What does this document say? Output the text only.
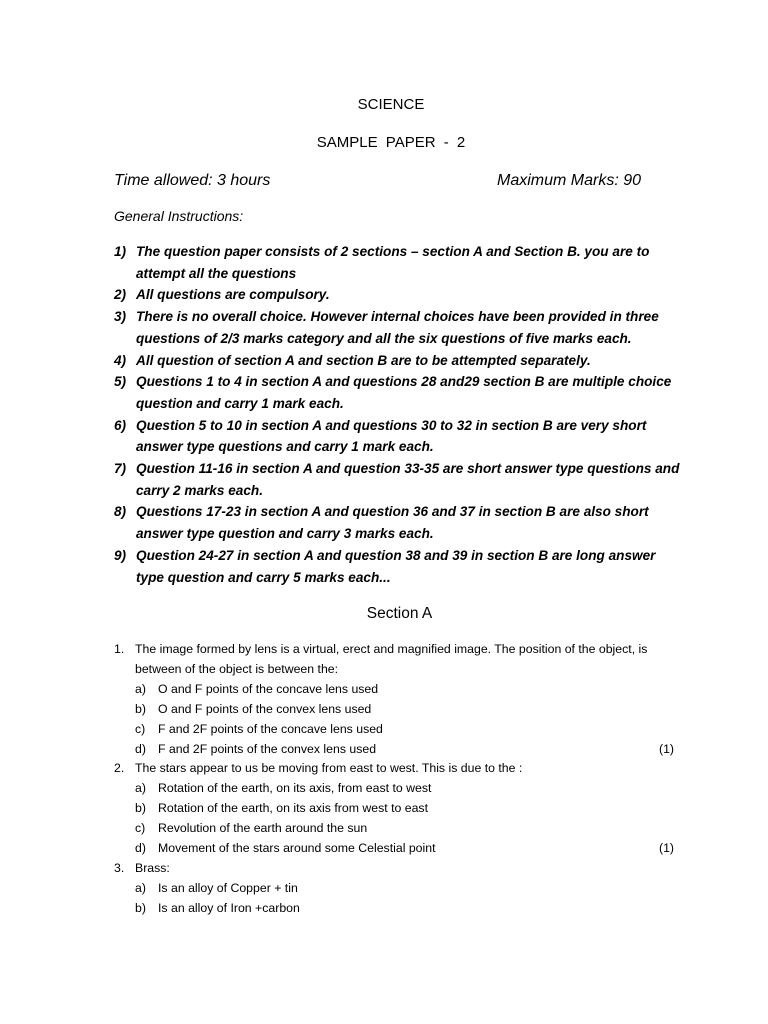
SCIENCE
SAMPLE PAPER - 2
Time allowed: 3 hours	Maximum Marks: 90
General Instructions:
1) The question paper consists of 2 sections – section A and Section B. you are to attempt all the questions
2) All questions are compulsory.
3) There is no overall choice. However internal choices have been provided in three questions of 2/3 marks category and all the six questions of five marks each.
4) All question of section A and section B are to be attempted separately.
5) Questions 1 to 4 in section A and questions 28 and29 section B are multiple choice question and carry 1 mark each.
6) Question 5 to 10 in section A and questions 30 to 32 in section B are very short answer type questions and carry 1 mark each.
7) Question 11-16 in section A and question 33-35 are short answer type questions and carry 2 marks each.
8) Questions 17-23 in section A and question 36 and 37 in section B are also short answer type question and carry 3 marks each.
9) Question 24-27 in section A and question 38 and 39 in section B are long answer type question and carry 5 marks each...
Section A
1. The image formed by lens is a virtual, erect and magnified image. The position of the object, is between of the object is between the:
a) O and F points of the concave lens used
b) O and F points of the convex lens used
c) F and 2F points of the concave lens used
d) F and 2F points of the convex lens used	(1)
2. The stars appear to us be moving from east to west. This is due to the :
a) Rotation of the earth, on its axis, from east to west
b) Rotation of the earth, on its axis from west to east
c) Revolution of the earth around the sun
d) Movement of the stars around some Celestial point	(1)
3. Brass:
a) Is an alloy of Copper + tin
b) Is an alloy of Iron +carbon
